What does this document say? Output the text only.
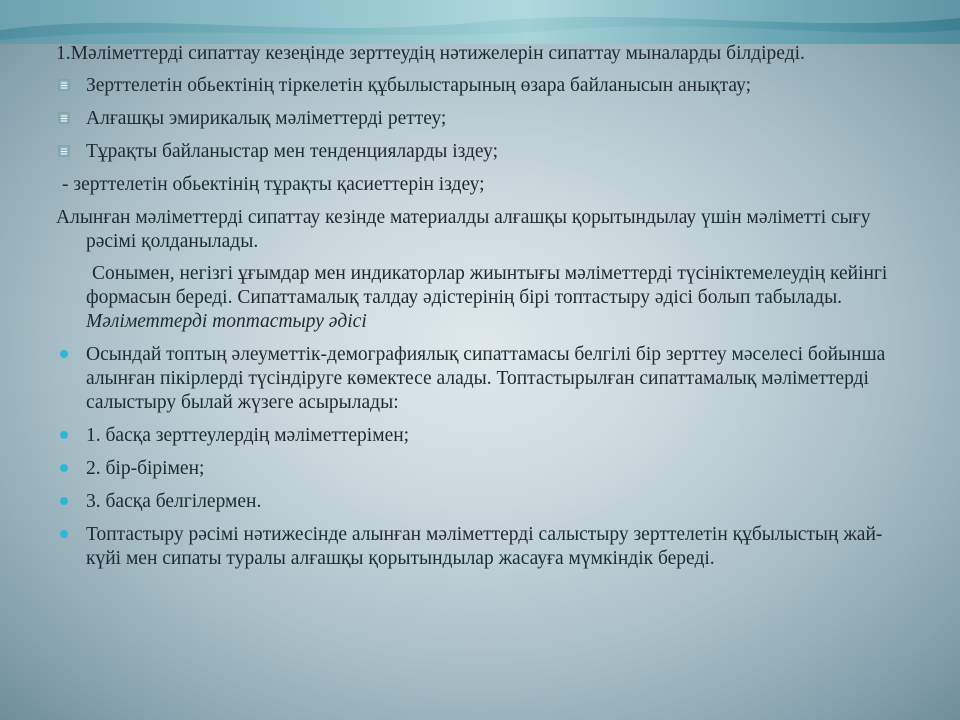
1.Мәліметтерді сипаттау кезеңінде зерттеудің нәтижелерін сипаттау мыналарды білдіреді.
Зерттелетін обьектінің тіркелетін құбылыстарының өзара байланысын анықтау;
Алғашқы эмирикалық мәліметтерді реттеу;
Тұрақты байланыстар мен тенденцияларды іздеу;
- зерттелетін обьектінің тұрақты қасиеттерін іздеу;
Алынған мәліметтерді сипаттау кезінде материалды алғашқы қорытындылау үшін мәліметті сығу рәсімі қолданылады.
Сонымен, негізгі ұғымдар мен индикаторлар жиынтығы мәліметтерді түсініктемелеудің кейінгі формасын береді. Сипаттамалық талдау әдістерінің бірі топтастыру әдісі болып табылады. Мәліметтерді топтастыру әдісі
Осындай топтың әлеуметтік-демографиялық сипаттамасы белгілі бір зерттеу мәселесі бойынша алынған пікірлерді түсіндіруге көмектесе алады. Топтастырылған сипаттамалық мәліметтерді салыстыру былай жүзеге асырылады:
1. басқа зерттеулердің мәліметтерімен;
2. бір-бірімен;
3. басқа белгілермен.
Топтастыру рәсімі нәтижесінде алынған мәліметтерді салыстыру зерттелетін құбылыстың жай-күйі мен сипаты туралы алғашқы қорытындылар жасауға мүмкіндік береді.
